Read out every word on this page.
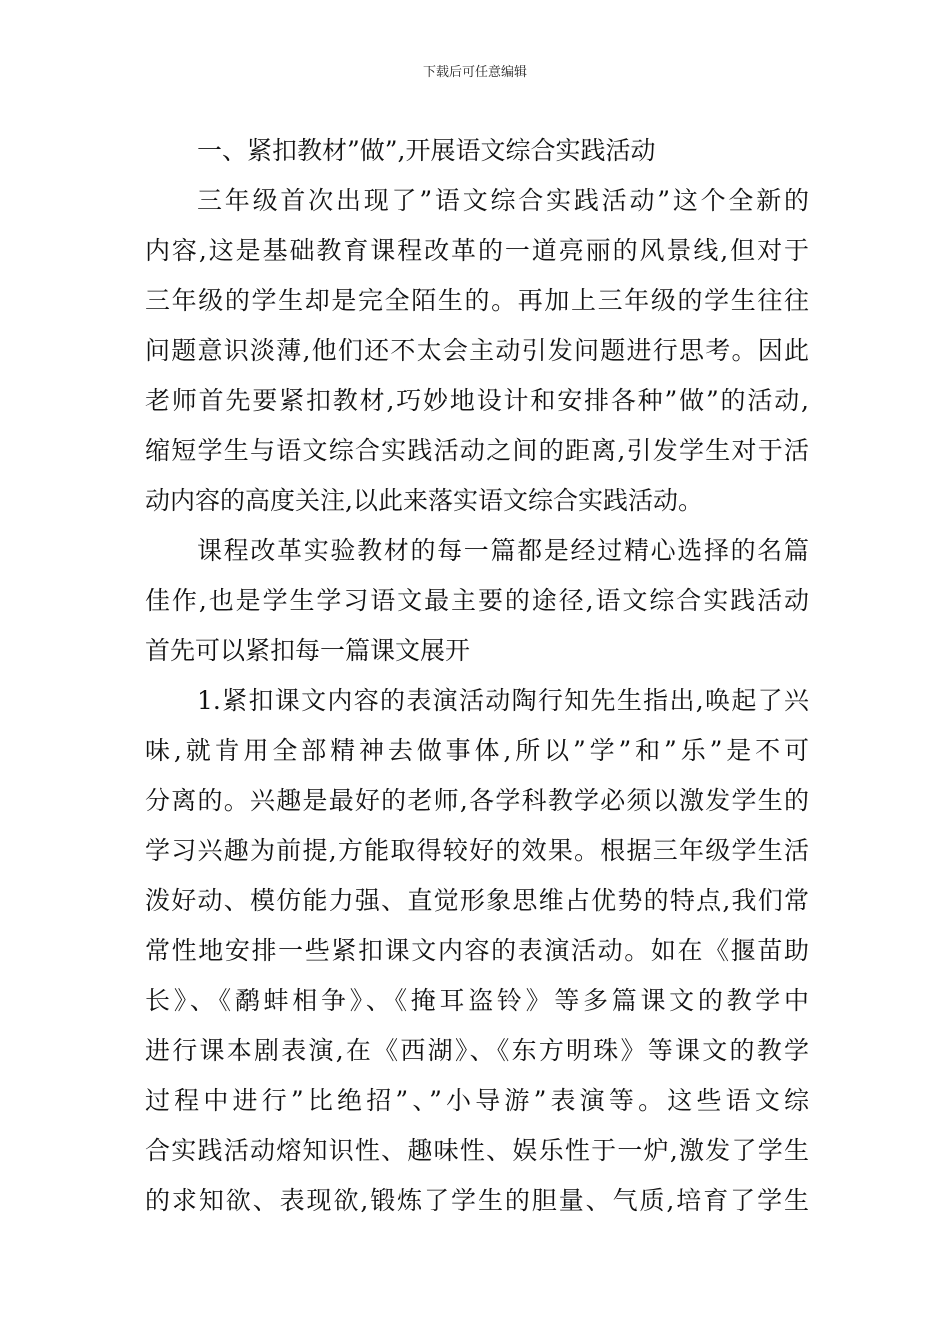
下载后可任意编辑
一、紧扣教材”做”,开展语文综合实践活动
三年级首次出现了”语文综合实践活动”这个全新的
内容,这是基础教育课程改革的一道亮丽的风景线,但对于
三年级的学生却是完全陌生的。再加上三年级的学生往往
问题意识淡薄,他们还不太会主动引发问题进行思考。因此
老师首先要紧扣教材,巧妙地设计和安排各种”做”的活动,
缩短学生与语文综合实践活动之间的距离,引发学生对于活
动内容的高度关注,以此来落实语文综合实践活动。
课程改革实验教材的每一篇都是经过精心选择的名篇
佳作,也是学生学习语文最主要的途径,语文综合实践活动
首先可以紧扣每一篇课文展开
1.紧扣课文内容的表演活动陶行知先生指出,唤起了兴
味,就肯用全部精神去做事体,所以”学”和”乐”是不可
分离的。兴趣是最好的老师,各学科教学必须以激发学生的
学习兴趣为前提,方能取得较好的效果。根据三年级学生活
泼好动、模仿能力强、直觉形象思维占优势的特点,我们常
常性地安排一些紧扣课文内容的表演活动。如在《揠苗助
长》、《鹬蚌相争》、《掩耳盗铃》等多篇课文的教学中
进行课本剧表演,在《西湖》、《东方明珠》等课文的教学
过程中进行”比绝招”、”小导游”表演等。这些语文综
合实践活动熔知识性、趣味性、娱乐性于一炉,激发了学生
的求知欲、表现欲,锻炼了学生的胆量、气质,培育了学生
